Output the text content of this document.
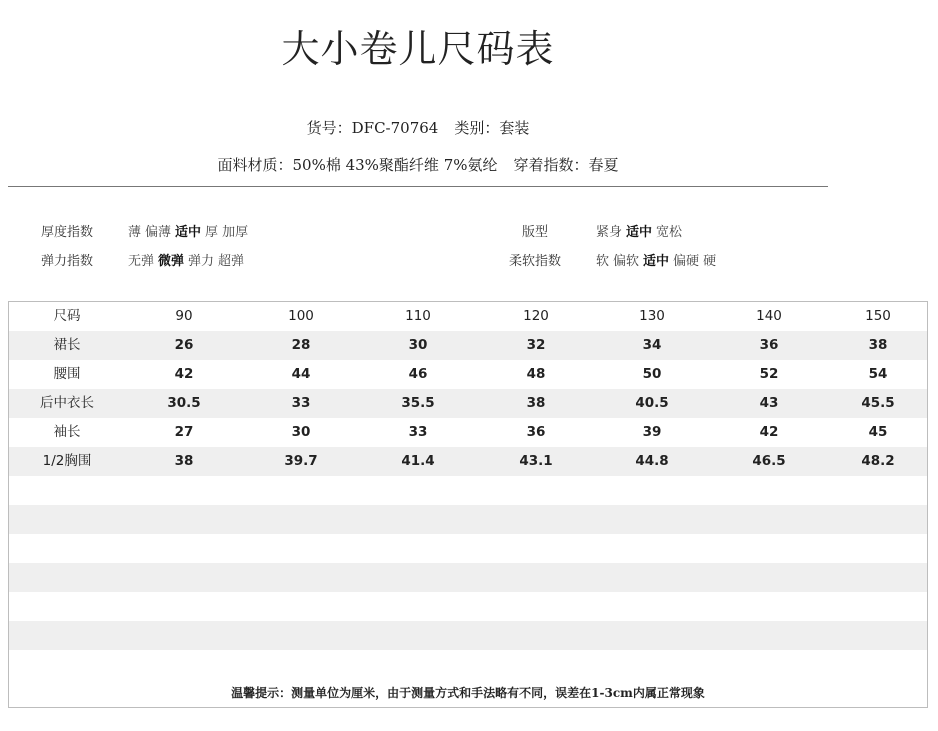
大小卷儿尺码表
货号：DFC-70764 类别：套装
面料材质：50%棉 43%聚酯纤维 7%氨纶 穿着指数：春夏
厚度指数	薄 偏薄 适中 厚 加厚
弹力指数	无弹 微弹 弹力 超弹
版型	紧身 适中 宽松
柔软指数	软 偏软 适中 偏硬 硬
1/2胸围	38	39.7	41.4	43.1	44.8	46.5	48.2
袖长	27	30	33	36	39	42	45
后中衣长	30.5	33	35.5	38	40.5	43	45.5
腰围	42	44	46	48	50	52	54
裙长	26	28	30	32	34	36	38
尺码	90	100	110	120	130	140	150
温馨提示：测量单位为厘米，由于测量方式和手法略有不同，误差在1-3cm内属正常现象
